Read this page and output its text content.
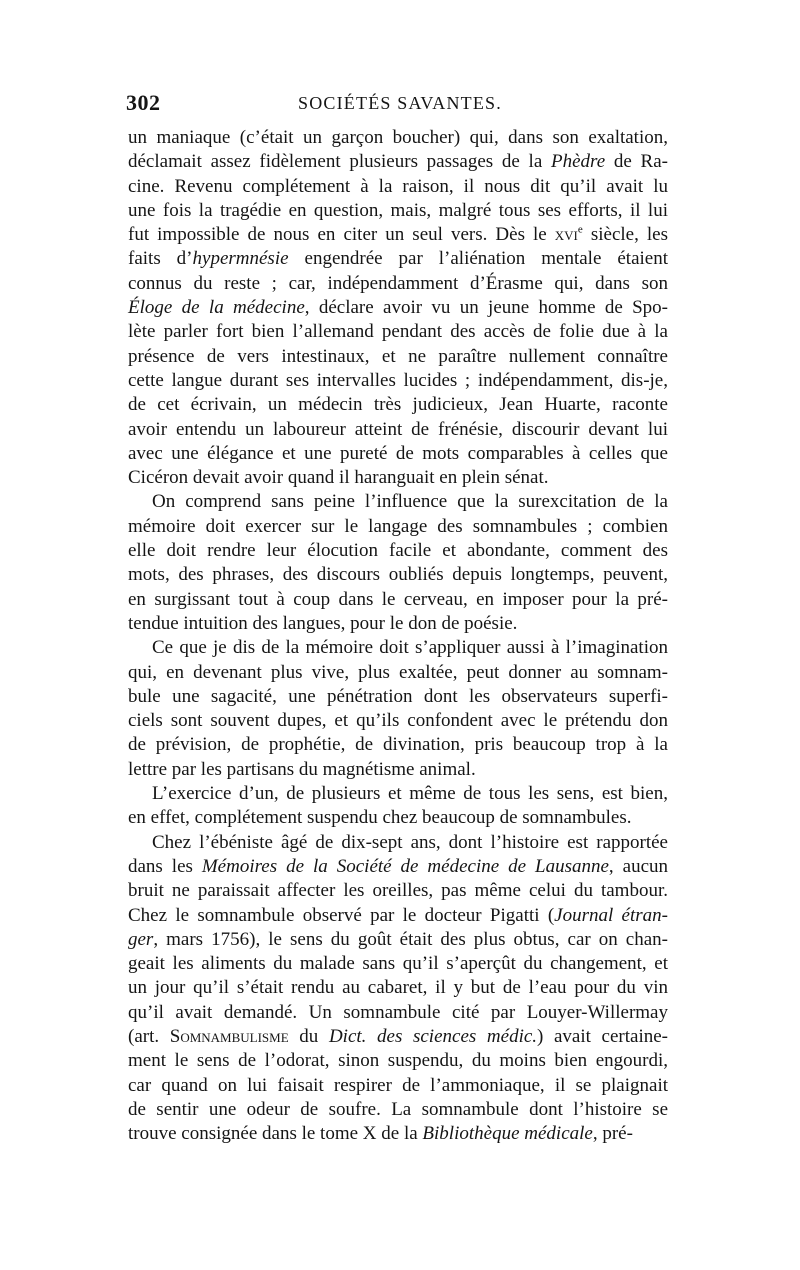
302	SOCIÉTÉS SAVANTES.
un maniaque (c’était un garçon boucher) qui, dans son exaltation,
déclamait assez fidèlement plusieurs passages de la Phèdre de Ra-
cine. Revenu complétement à la raison, il nous dit qu’il avait lu
une fois la tragédie en question, mais, malgré tous ses efforts, il lui
fut impossible de nous en citer un seul vers. Dès le xvi$^e$ siècle, les
faits d’hypermnésie engendrée par l’aliénation mentale étaient
connus du reste ; car, indépendamment d’Érasme qui, dans son
Éloge de la médecine, déclare avoir vu un jeune homme de Spo-
lète parler fort bien l’allemand pendant des accès de folie due à la
présence de vers intestinaux, et ne paraître nullement connaître
cette langue durant ses intervalles lucides ; indépendamment, dis-je,
de cet écrivain, un médecin très judicieux, Jean Huarte, raconte
avoir entendu un laboureur atteint de frénésie, discourir devant lui
avec une élégance et une pureté de mots comparables à celles que
Cicéron devait avoir quand il haranguait en plein sénat.
On comprend sans peine l’influence que la surexcitation de la
mémoire doit exercer sur le langage des somnambules ; combien
elle doit rendre leur élocution facile et abondante, comment des
mots, des phrases, des discours oubliés depuis longtemps, peuvent,
en surgissant tout à coup dans le cerveau, en imposer pour la pré-
tendue intuition des langues, pour le don de poésie.
Ce que je dis de la mémoire doit s’appliquer aussi à l’imagination
qui, en devenant plus vive, plus exaltée, peut donner au somnam-
bule une sagacité, une pénétration dont les observateurs superfi-
ciels sont souvent dupes, et qu’ils confondent avec le prétendu don
de prévision, de prophétie, de divination, pris beaucoup trop à la
lettre par les partisans du magnétisme animal.
L’exercice d’un, de plusieurs et même de tous les sens, est bien,
en effet, complétement suspendu chez beaucoup de somnambules.
Chez l’ébéniste âgé de dix-sept ans, dont l’histoire est rapportée
dans les Mémoires de la Société de médecine de Lausanne, aucun
bruit ne paraissait affecter les oreilles, pas même celui du tambour.
Chez le somnambule observé par le docteur Pigatti (Journal étran-
ger, mars 1756), le sens du goût était des plus obtus, car on chan-
geait les aliments du malade sans qu’il s’aperçût du changement, et
un jour qu’il s’était rendu au cabaret, il y but de l’eau pour du vin
qu’il avait demandé. Un somnambule cité par Louyer-Willermay
(art. Somnambulisme du Dict. des sciences médic.) avait certaine-
ment le sens de l’odorat, sinon suspendu, du moins bien engourdi,
car quand on lui faisait respirer de l’ammoniaque, il se plaignait
de sentir une odeur de soufre. La somnambule dont l’histoire se
trouve consignée dans le tome X de la Bibliothèque médicale, pré-
